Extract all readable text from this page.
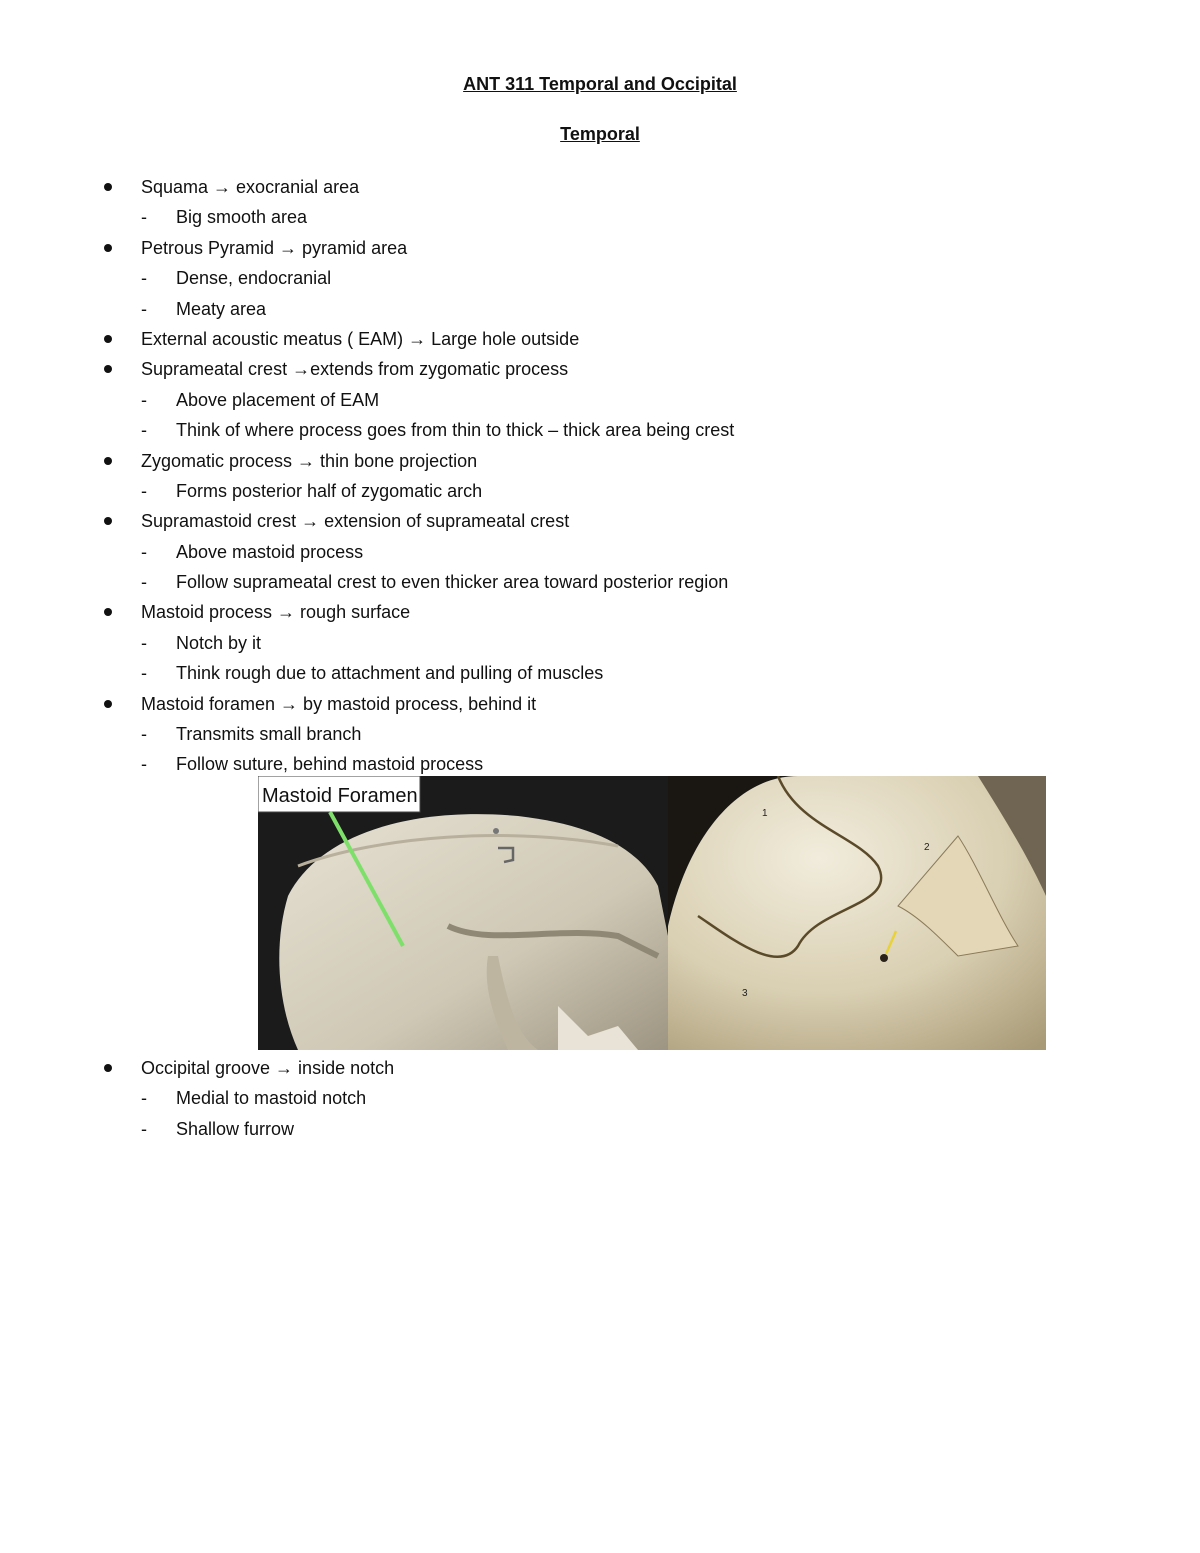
ANT 311 Temporal and Occipital
Temporal
Squama → exocranial area
- Big smooth area
Petrous Pyramid → pyramid area
- Dense, endocranial
- Meaty area
External acoustic meatus ( EAM) → Large hole outside
Suprameatal crest →extends from zygomatic process
- Above placement of EAM
- Think of where process goes from thin to thick – thick area being crest
Zygomatic process → thin bone projection
- Forms posterior half of zygomatic arch
Supramastoid crest → extension of suprameatal crest
- Above mastoid process
- Follow suprameatal crest to even thicker area toward posterior region
Mastoid process → rough surface
- Notch by it
- Think rough due to attachment and pulling of muscles
Mastoid foramen → by mastoid process, behind it
- Transmits small branch
- Follow suture, behind mastoid process
Mastoid Foramen
1
2
3
Occipital groove → inside notch
- Medial to mastoid notch
- Shallow furrow
